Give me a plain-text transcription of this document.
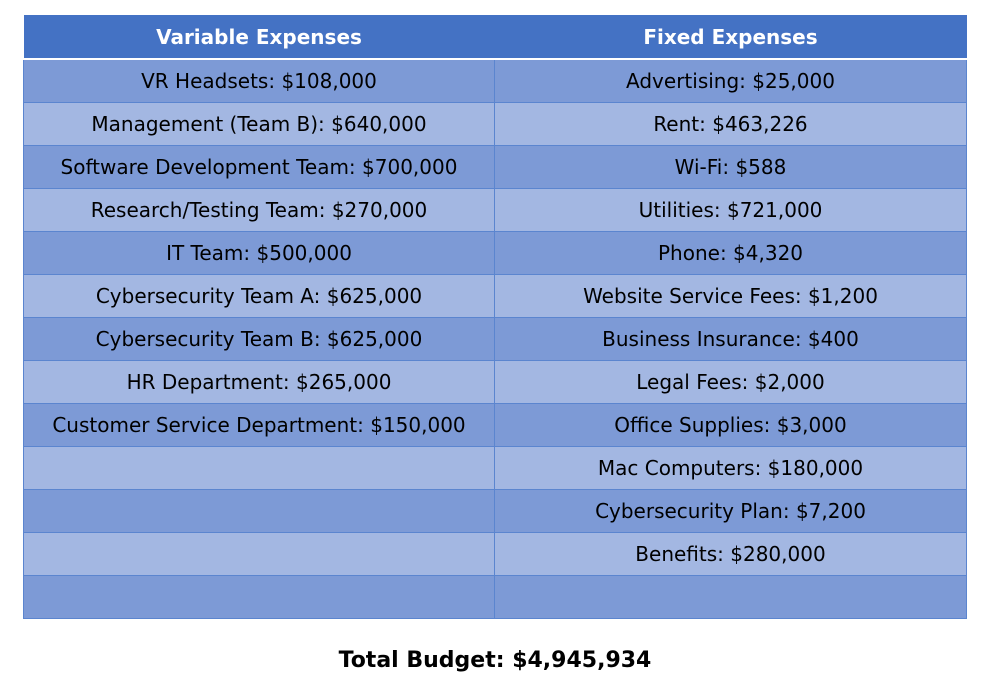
Variable Expenses	Fixed Expenses
VR Headsets: $108,000	Advertising: $25,000
Management (Team B): $640,000	Rent: $463,226
Software Development Team: $700,000	Wi-Fi: $588
Research/Testing Team: $270,000	Utilities: $721,000
IT Team: $500,000	Phone: $4,320
Cybersecurity Team A: $625,000	Website Service Fees: $1,200
Cybersecurity Team B: $625,000	Business Insurance: $400
HR Department: $265,000	Legal Fees: $2,000
Customer Service Department: $150,000	Office Supplies: $3,000
	Mac Computers: $180,000
	Cybersecurity Plan: $7,200
	Benefits: $280,000

Total Budget: $4,945,934
